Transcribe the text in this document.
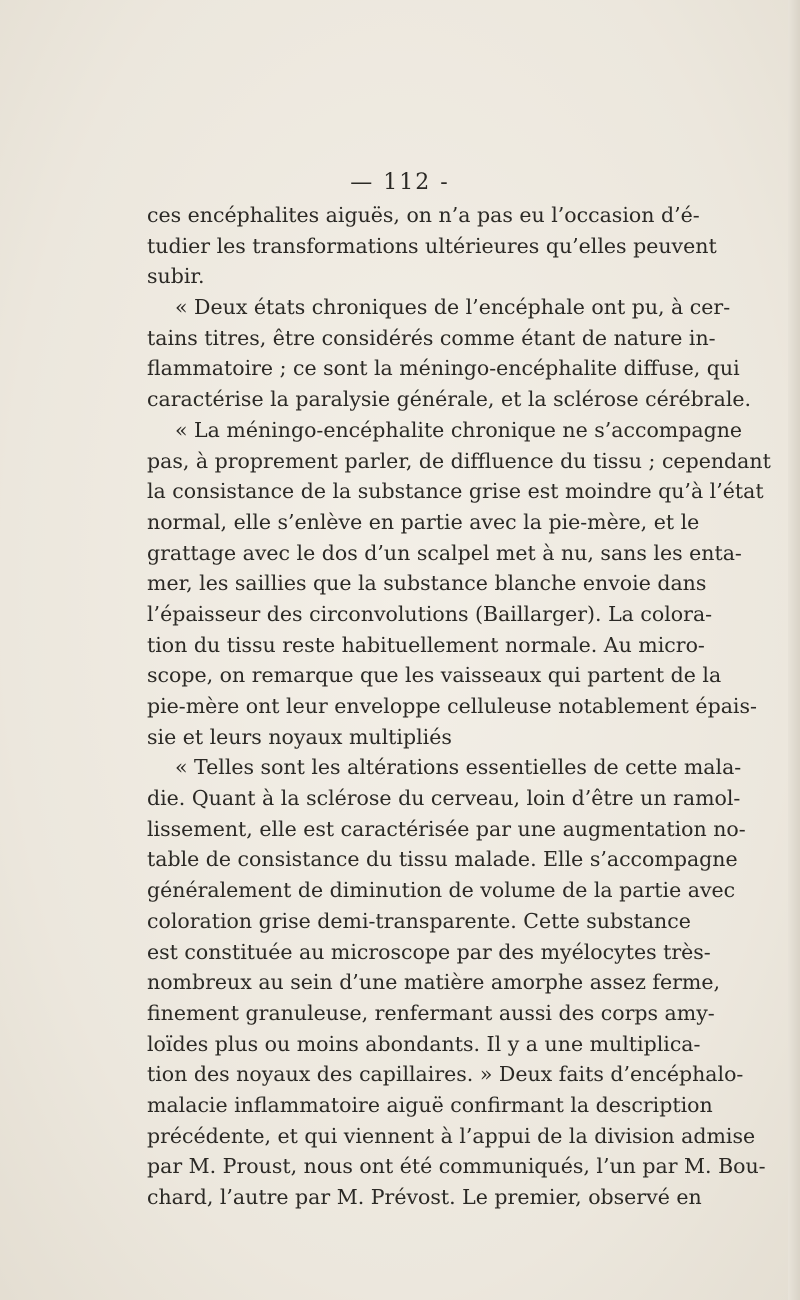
— 112 -
ces encéphalites aiguës, on n’a pas eu l’occasion d’é-
tudier les transformations ultérieures qu’elles peuvent
subir.
« Deux états chroniques de l’encéphale ont pu, à cer-
tains titres, être considérés comme étant de nature in-
flammatoire ; ce sont la méningo-encéphalite diffuse, qui
caractérise la paralysie générale, et la sclérose cérébrale.
« La méningo-encéphalite chronique ne s’accompagne
pas, à proprement parler, de diffluence du tissu ; cependant
la consistance de la substance grise est moindre qu’à l’état
normal, elle s’enlève en partie avec la pie-mère, et le
grattage avec le dos d’un scalpel met à nu, sans les enta-
mer, les saillies que la substance blanche envoie dans
l’épaisseur des circonvolutions (Baillarger). La colora-
tion du tissu reste habituellement normale. Au micro-
scope, on remarque que les vaisseaux qui partent de la
pie-mère ont leur enveloppe celluleuse notablement épais-
sie et leurs noyaux multipliés
« Telles sont les altérations essentielles de cette mala-
die. Quant à la sclérose du cerveau, loin d’être un ramol-
lissement, elle est caractérisée par une augmentation no-
table de consistance du tissu malade. Elle s’accompagne
généralement de diminution de volume de la partie avec
coloration grise demi-transparente. Cette substance
est constituée au microscope par des myélocytes très-
nombreux au sein d’une matière amorphe assez ferme,
finement granuleuse, renfermant aussi des corps amy-
loïdes plus ou moins abondants. Il y a une multiplica-
tion des noyaux des capillaires. » Deux faits d’encéphalo-
malacie inflammatoire aiguë confirmant la description
précédente, et qui viennent à l’appui de la division admise
par M. Proust, nous ont été communiqués, l’un par M. Bou-
chard, l’autre par M. Prévost. Le premier, observé en
